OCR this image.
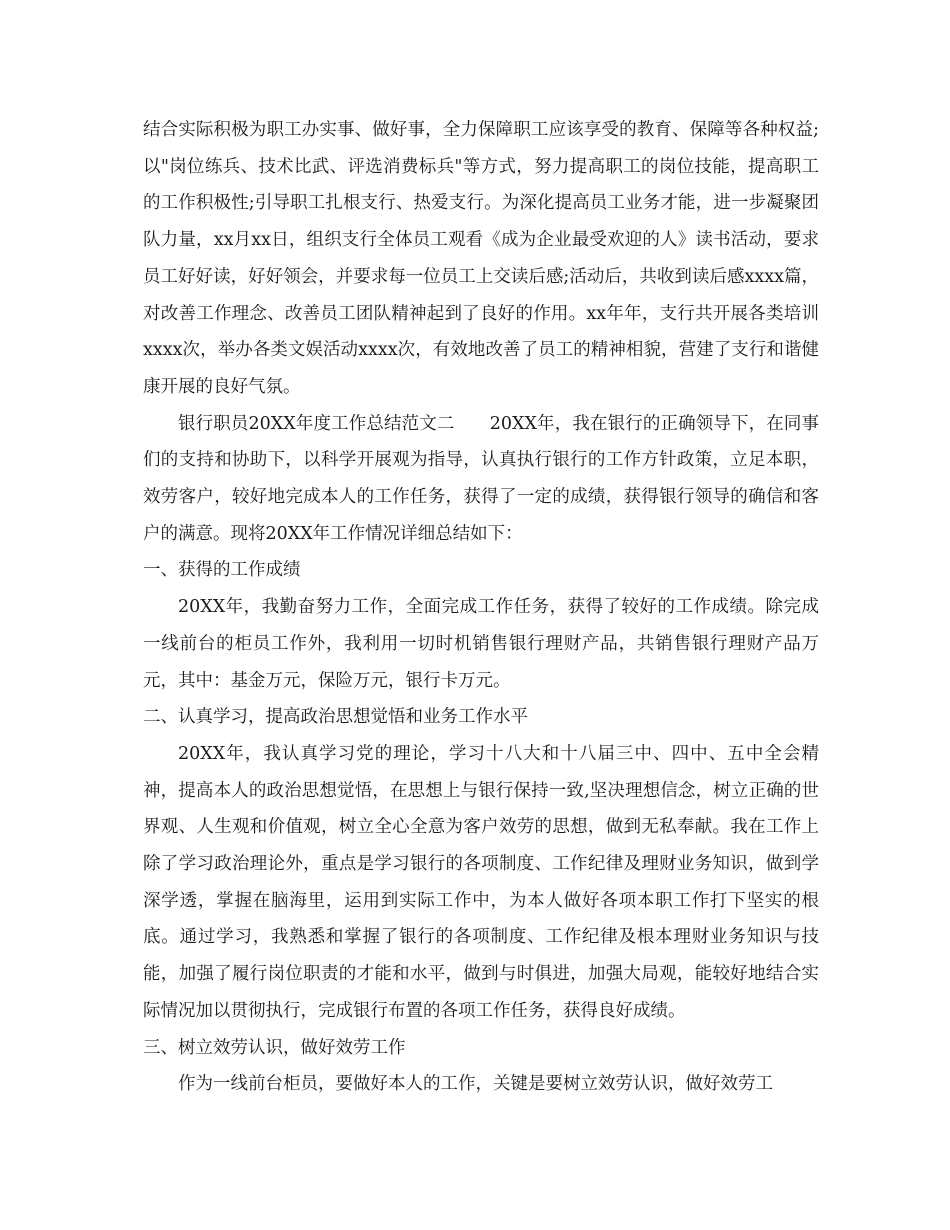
结合实际积极为职工办实事、做好事，全力保障职工应该享受的教育、保障等各种权益;以"岗位练兵、技术比武、评选消费标兵"等方式，努力提高职工的岗位技能，提高职工的工作积极性;引导职工扎根支行、热爱支行。为深化提高员工业务才能，进一步凝聚团队力量，xx月xx日，组织支行全体员工观看《成为企业最受欢迎的人》读书活动，要求员工好好读，好好领会，并要求每一位员工上交读后感;活动后，共收到读后感xxxx篇，对改善工作理念、改善员工团队精神起到了良好的作用。xx年年，支行共开展各类培训xxxx次，举办各类文娱活动xxxx次，有效地改善了员工的精神相貌，营建了支行和谐健康开展的良好气氛。

银行职员20XX年度工作总结范文二　　20XX年，我在银行的正确领导下，在同事们的支持和协助下，以科学开展观为指导，认真执行银行的工作方针政策，立足本职，效劳客户，较好地完成本人的工作任务，获得了一定的成绩，获得银行领导的确信和客户的满意。现将20XX年工作情况详细总结如下：

一、获得的工作成绩

20XX年，我勤奋努力工作，全面完成工作任务，获得了较好的工作成绩。除完成一线前台的柜员工作外，我利用一切时机销售银行理财产品，共销售银行理财产品万元，其中：基金万元，保险万元，银行卡万元。

二、认真学习，提高政治思想觉悟和业务工作水平

20XX年，我认真学习党的理论，学习十八大和十八届三中、四中、五中全会精神，提高本人的政治思想觉悟，在思想上与银行保持一致,坚决理想信念，树立正确的世界观、人生观和价值观，树立全心全意为客户效劳的思想，做到无私奉献。我在工作上除了学习政治理论外，重点是学习银行的各项制度、工作纪律及理财业务知识，做到学深学透，掌握在脑海里，运用到实际工作中，为本人做好各项本职工作打下坚实的根底。通过学习，我熟悉和掌握了银行的各项制度、工作纪律及根本理财业务知识与技能，加强了履行岗位职责的才能和水平，做到与时俱进，加强大局观，能较好地结合实际情况加以贯彻执行，完成银行布置的各项工作任务，获得良好成绩。

三、树立效劳认识，做好效劳工作

作为一线前台柜员，要做好本人的工作，关键是要树立效劳认识，做好效劳工
